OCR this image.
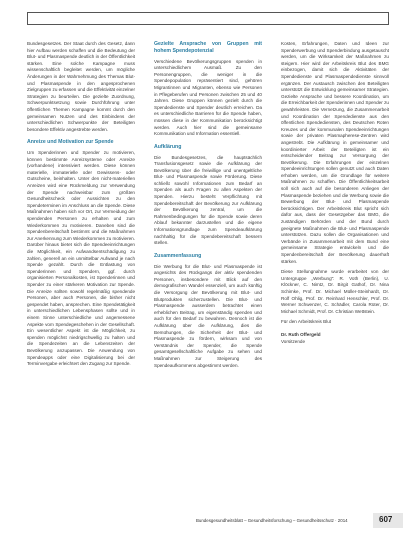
Bundesgesetzes. Der Staat durch des Gesetz, dann hier Aufbau werden schaffen und die Bedeutung der Blut- und Plasmaspende deutlich in der Öffentlichkeit stärken. Eine solche Kampagne muss wissenschaftlich begleitet werden, um mögliche Änderungen in der Wahrnehmung des Themas Blut- und Plasmaspende in den angesprochenen Zielgruppen zu erfassen und die Effektivität einzelner Strategien zu beurteilen. Die gezielte Zuordnung, Schwerpunktsetzung sowie Durchführung unter öffentlichen Themen Kampagne kommt durch den gemeinsamen Nutzen und des Einbindens der unterschiedlichen Schwerpunkte der Beteiligten besondere Effektiv angestrebte werden.

Anreize und Motivation zur Spende

Um Spenderinnen und Spender zu motivieren, können bestimmte Anreizsysteme oder Anreize (vorhandene) intensiviert werden. Diese können materielle, immaterielle oder Gewissens- oder Gutscheine, beinhalten. Unter den nicht-materiellen Anreizen wird eine Rückmeldung zur Verwendung der Spende nachweisbar zum größten Gesundheitscheck oder Aussichten zu den Spendeterminen im Anschluss an die Spende. Diese Maßnahmen haben sich vor Ort, zur Vermeidung der spendenden Personen zu erhalten und zum Wiederkommen zu motivieren. Daneben sind die Spendenbereitschaft bestimmt und die Maßnahmen zur Anerkennung zum Wiederkommen zu motivieren. Darüber hinaus bietet sich die Spendeeinrichtungen die Möglichkeit, ein Aufwandsentschädigung zu zahlen, generell an ein unmittelbar Aufwand je nach Spende gezahlt. Durch die Entlastung von Spenderinnen und Spendern, ggf. durch organisierten Personalkosten, ist Spenderinnen und Spender zu einer stärkeren Motivation zur Spende. Die Anreize sollten sowohl regelmäßig spendende Personen, aber auch Personen, die bisher nicht gespendet haben, ansprechen. Eine Spendetätigkeit in unterschiedlichen Lebensphasen sollte und in einem Sinne unterschiedliche und angemessene Aspekte vom Spendegeschehen in der Gesellschaft. Ein wesentlicher Aspekt ist die Möglichkeit, zu spenden möglichst niedrigschwellig zu halten und die Spendezeiten an die Lebenszeiten der Bevölkerung anzupassen. Die Anwendung von Spendeapps oder eine Digitalisierung bei der Terminvergabe erleichtert den Zugang zur Spende.

Gezielte Ansprache von Gruppen mit hohem Spendepotenzial

Verschiedene Bevölkerungsgruppen spenden in unterschiedlichem Ausmaß. Zu den Personengruppen, die weniger in die Spendepopulation repräsentiert sind, gehören Migrantinnen und Migranten, ebenso wie Personen in Pflegeberufen und Personen zwischen 25 und 40 Jahren. Diese Gruppen können gezielt durch die Spendedienste und Spender deutlich erreichen. Da es unterschiedliche Barrieren für die Spende haben, müssen diese in der Kommunikation berücksichtigt werden. Auch hier sind die gemeinsame Kommunikation und Information essentiell.

Aufklärung

Die Bundesgesetzes, die hauptsächlich Transfusionsgesetz sowie die Aufklärung der Bevölkerung über die freiwillige und unentgeltliche Blut- und Plasmaspende sowie Förderung. Diese schließt sowohl Informationen zum Bedarf an Spenden als auch Fragen zu allen Aspekten der Spenden. Hierzu besteht Verpflichtung mit Spendebereitschaft der Bevölkerung zur Aufklärung der Bevölkerung zentral, um die Rahmenbedingungen für die Spende sowie deren Ablauf bekannter darzustellen und die eigene Informationsgrundlage zum Spendeaufklärung nachhaltig für die Spendebereitschaft bessern stellen.

Zusammenfassung

Die Werbung für die Blut- und Plasmaspende ist angesichts des Rückgangs der aktiv spendenden Personen, insbesondere mit Blick auf den demografischen Wandel essenziell, um auch künftig die Versorgung der Bevölkerung mit Blut- und Blutprodukten sicherzustellen. Die Blut- und Plasmaspende ausserdem betrachtet einen erheblichen Beitrag, um eigenständig spenden und auch für den Bedarf zu bewahren. Dennoch ist die Aufklärung über die Aufklärung, dies die Bemühungen, die Sicherheit der Blut- und Plasmaspende zu fördern, wirksam und von Verständnis der Spender, die Spende gesamtgesellschaftliche Aufgabe zu sehen und Maßnahmen zur Steigerung des Spendeaufkommens abgestimmt werden.

Kosten, Erfahrungen, Daten und Ideen zur Spenderwerbung und Spenderbindung ausgetauscht werden, um die Wirksamkeit der Maßnahmen zu steigern. Hier wird der Arbeitskreis Blut des BMG einbezogen, damit sich die Aktivitäten der Spendedienste und Plasmaspendedienste sinnvoll ergänzen. Der Austausch zwischen den Beteiligten unterstützt die Entwicklung gemeinsamer Strategien. Gezielte Ansprache und bessere Koordination, um die Erreichbarkeit der Spenderinnen und Spender zu gewährleisten. Die Vernetzung, die Zusammenarbeit und Koordination der Spendedienste aus den öffentlichen Spendediensten, des Deutschen Roten Kreuzes und der kommunalen Spendeeinrichtungen sowie der privaten Plasmapherese-Zentren wird angestrebt. Die Aufklärung in gemeinsamer und koordinierter Arbeit der Beteiligten ist ein entscheidender Beitrag zur Versorgung der Bevölkerung. Die Erfahrungen der einzelnen Spendeeinrichtungen sollen genutzt und auch Daten erhoben werden, um die Grundlage für weitere Maßnahmen zu schaffen. Die Öffentlichkeitsarbeit soll sich auch auf die besonderen Anliegen der Plasmaspende beziehen und die Werbung sowie die Bewerbung der Blut- und Plasmaspende berücksichtigen. Der Arbeitskreis Blut spricht sich dafür aus, dass der Gesetzgeber das BMG, die zuständigen Behörden und der Bund durch geeignete Maßnahmen die Blut- und Plasmaspende unterstützen. Dazu sollen die Organisationen und Verbände in Zusammenarbeit mit dem Bund eine gemeinsame Strategie entwickeln und die Spendenbereitschaft der Bevölkerung dauerhaft stärken.

Diese Stellungnahme wurde erarbeitet von der Untergruppe „Werbung“: R. Voth (Berlin), U. Klöckner, C. Nimtz, Dr. Birgit Gathof, Dr. Nina Schimke, Prof. Dr. Michael Müller-Steinhardt, Dr. Rolf Ohlig, Prof. Dr. Reinhard Henschler, Prof. Dr. Werner Schwenzer, C. Schädler, Carola Rüter, Dr. Michael Schmidt, Prof. Dr. Christian Wettstein.

Für den Arbeitskreis Blut

Dr. Ruth Offergeld
Vorsitzende
Bundesgesundheitsblatt – Gesundheitsforschung – Gesundheitsschutz · 2014	607
